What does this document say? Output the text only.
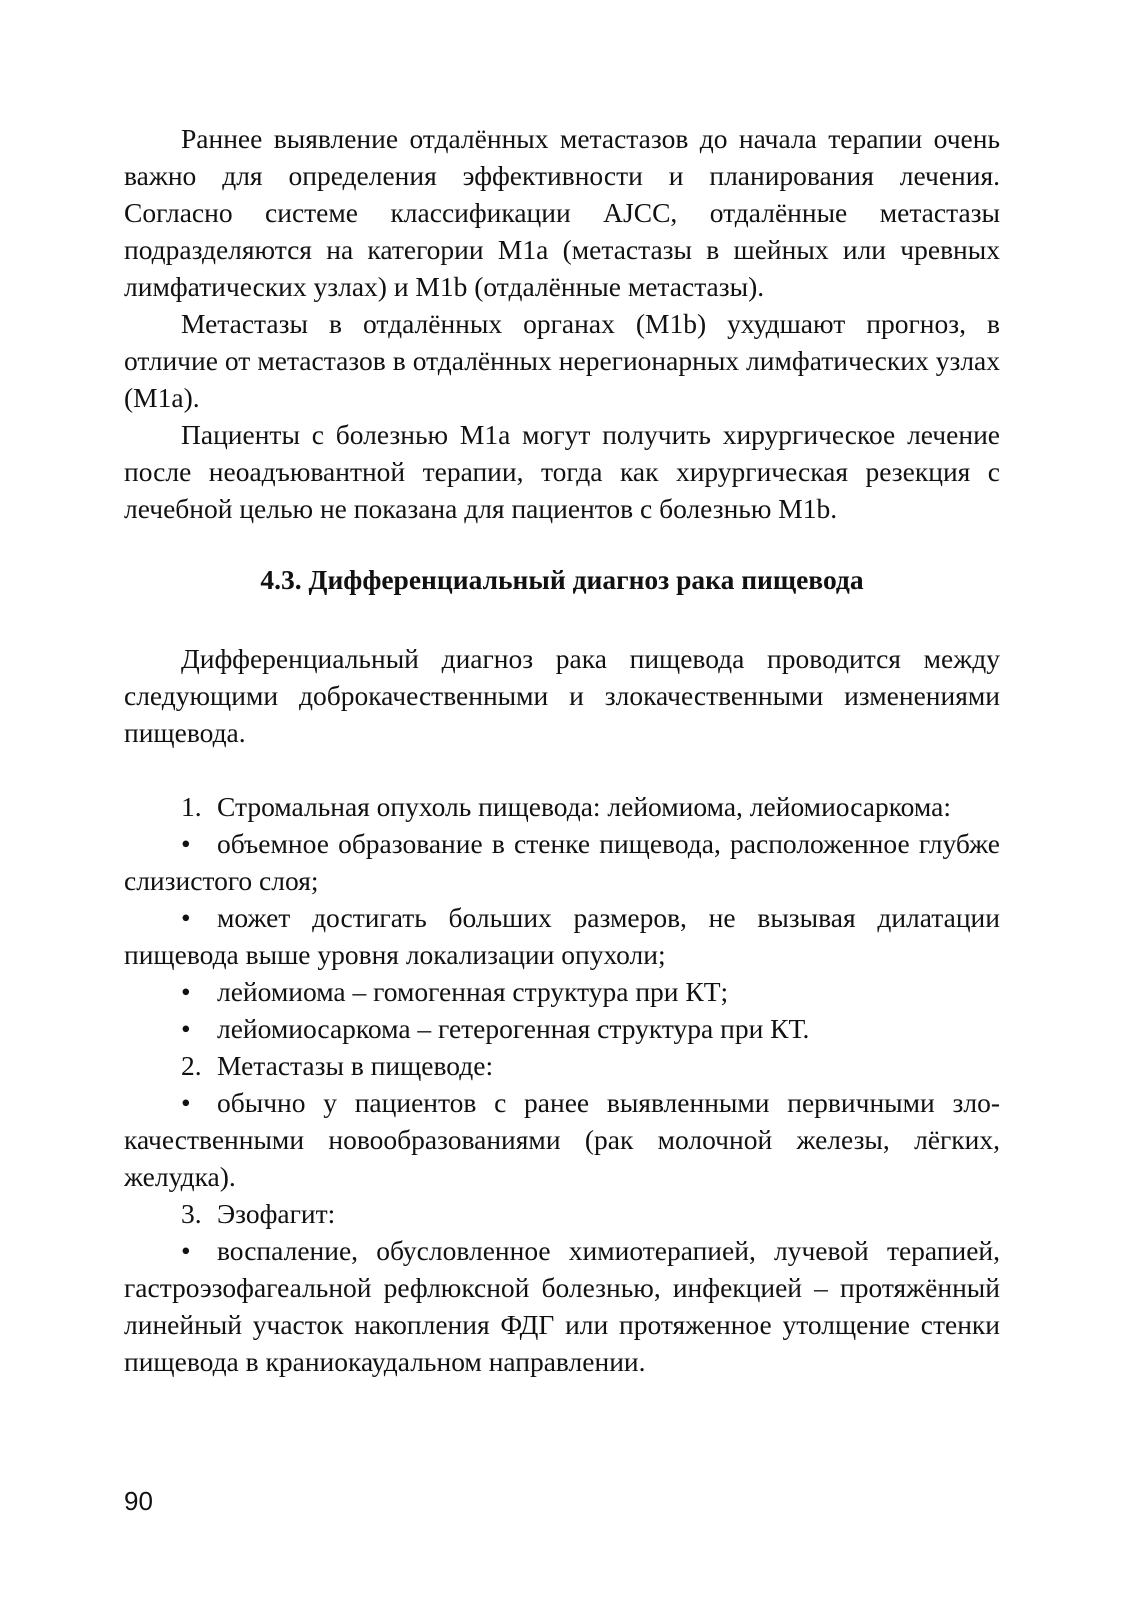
Раннее выявление отдалённых метастазов до начала терапии очень важно для определения эффективности и планирования лечения. Согласно системе классификации AJCC, отдалённые метастазы подразделяются на категории M1a (метастазы в шейных или чревных лимфатических узлах) и M1b (отдалённые метастазы).

Метастазы в отдалённых органах (M1b) ухудшают прогноз, в отличие от метастазов в отдалённых нерегионарных лимфатических узлах (M1a).

Пациенты с болезнью M1a могут получить хирургическое лечение после неоадъювантной терапии, тогда как хирургическая резекция с лечебной целью не показана для пациентов с болезнью M1b.

4.3. Дифференциальный диагноз рака пищевода

Дифференциальный диагноз рака пищевода проводится между следующими доброкачественными и злокачественными изменениями пищевода.

1. Стромальная опухоль пищевода: лейомиома, лейомиосаркома:

• объемное образование в стенке пищевода, расположенное глубже слизистого слоя;

• может достигать больших размеров, не вызывая дилатации пищевода выше уровня локализации опухоли;

• лейомиома – гомогенная структура при КТ;

• лейомиосаркома – гетерогенная структура при КТ.

2. Метастазы в пищеводе:

• обычно у пациентов с ранее выявленными первичными злокачественными новообразованиями (рак молочной железы, лёгких, желудка).

3. Эзофагит:

• воспаление, обусловленное химиотерапией, лучевой терапией, гастроэзофагеальной рефлюксной болезнью, инфекцией – протяжённый линейный участок накопления ФДГ или протяженное утолщение стенки пищевода в краниокаудальном направлении.

90
